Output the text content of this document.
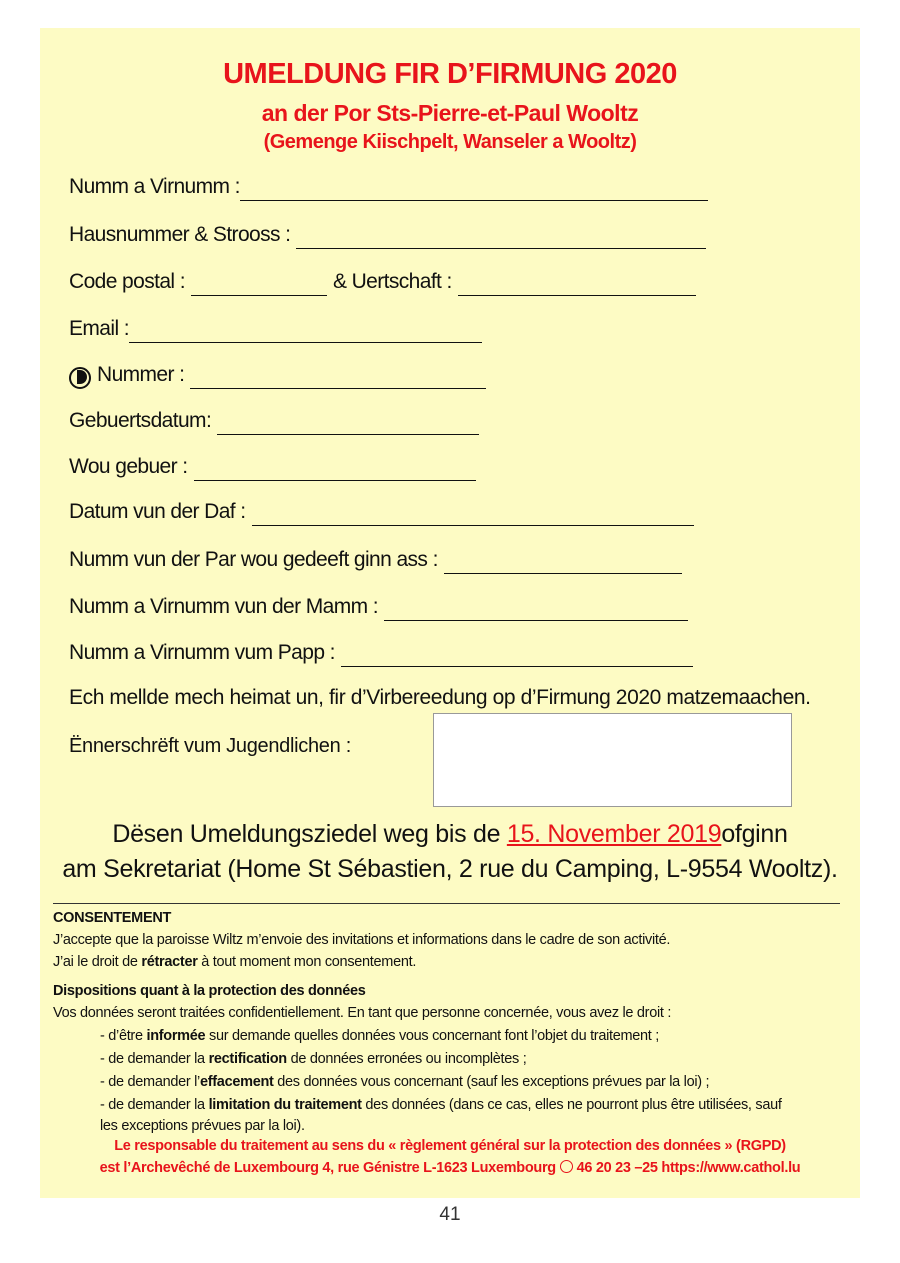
UMELDUNG FIR D’FIRMUNG 2020
an der Por Sts-Pierre-et-Paul Wooltz
(Gemenge Kiischpelt, Wanseler a Wooltz)
Numm a Virnumm :
Hausnummer & Strooss :
Code postal :	& Uertschaft :
Email :
Nummer :
Gebuertsdatum:
Wou gebuer :
Datum vun der Daf :
Numm vun der Par wou gedeeft ginn ass :
Numm a Virnumm vun der Mamm :
Numm a Virnumm vum Papp :
Ech mellde mech heimat un, fir d’Virbereedung op d’Firmung 2020 matzemaachen.
Ënnerschrëft vum Jugendlichen :
Dësen Umeldungsziedel weg bis de 15. November 2019ofginn
am Sekretariat (Home St Sébastien, 2 rue du Camping, L-9554 Wooltz).
CONSENTEMENT
J’accepte que la paroisse Wiltz m’envoie des invitations et informations dans le cadre de son activité.
J’ai le droit de rétracter à tout moment mon consentement.
Dispositions quant à la protection des données
Vos données seront traitées confidentiellement. En tant que personne concernée, vous avez le droit :
- d’être informée sur demande quelles données vous concernant font l’objet du traitement ;
- de demander la rectification de données erronées ou incomplètes ;
- de demander l’effacement des données vous concernant (sauf les exceptions prévues par la loi) ;
- de demander la limitation du traitement des données (dans ce cas, elles ne pourront plus être utilisées, sauf
les exceptions prévues par la loi).
Le responsable du traitement au sens du « règlement général sur la protection des données » (RGPD)
est l’Archevêché de Luxembourg 4, rue Génistre L-1623 Luxembourg 46 20 23 –25 https://www.cathol.lu
41
